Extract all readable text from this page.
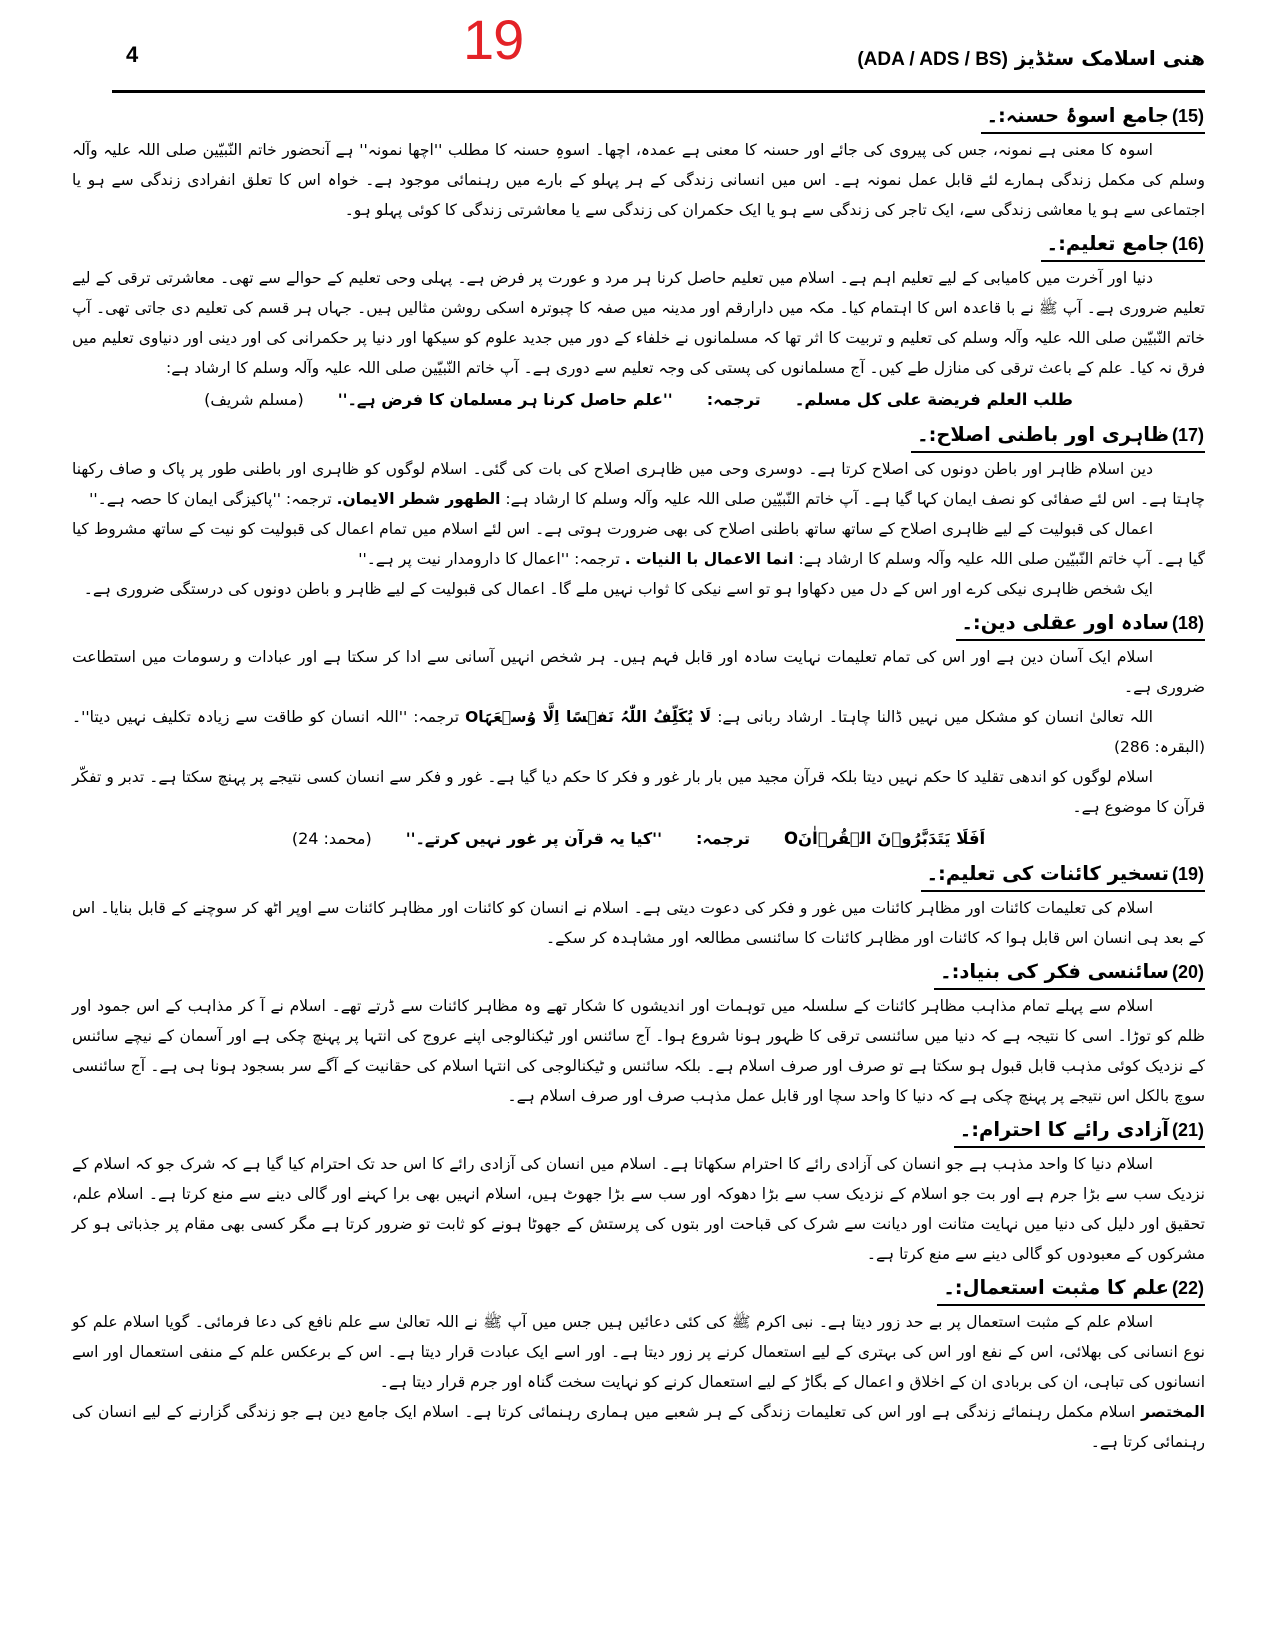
4	19	ھنی اسلامک سٹڈیز (ADA / ADS / BS)
(15)جامع اسوۂ حسنہ:۔

اسوہ کا معنی ہے نمونہ، جس کی پیروی کی جائے اور حسنہ کا معنی ہے عمدہ، اچھا۔ اسوہِ حسنہ کا مطلب ''اچھا نمونہ'' ہے آنحضور خاتم النّبیّین صلی اللہ علیہ وآلہ وسلم کی مکمل زندگی ہمارے لئے قابل عمل نمونہ ہے۔ اس میں انسانی زندگی کے ہر پہلو کے بارے میں رہنمائی موجود ہے۔ خواہ اس کا تعلق انفرادی زندگی سے ہو یا اجتماعی سے ہو یا معاشی زندگی سے، ایک تاجر کی زندگی سے ہو یا ایک حکمران کی زندگی سے یا معاشرتی زندگی کا کوئی پہلو ہو۔

(16)جامع تعلیم:۔

دنیا اور آخرت میں کامیابی کے لیے تعلیم اہم ہے۔ اسلام میں تعلیم حاصل کرنا ہر مرد و عورت پر فرض ہے۔ پہلی وحی تعلیم کے حوالے سے تھی۔ معاشرتی ترقی کے لیے تعلیم ضروری ہے۔ آپ ﷺ نے با قاعدہ اس کا اہتمام کیا۔ مکہ میں دارارقم اور مدینہ میں صفہ کا چبوترہ اسکی روشن مثالیں ہیں۔ جہاں ہر قسم کی تعلیم دی جاتی تھی۔ آپ خاتم النّبیّین صلی اللہ علیہ وآلہ وسلم کی تعلیم و تربیت کا اثر تھا کہ مسلمانوں نے خلفاء کے دور میں جدید علوم کو سیکھا اور دنیا پر حکمرانی کی اور دینی اور دنیاوی تعلیم میں فرق نہ کیا۔ علم کے باعث ترقی کی منازل طے کیں۔ آج مسلمانوں کی پستی کی وجہ تعلیم سے دوری ہے۔ آپ خاتم النّبیّین صلی اللہ علیہ وآلہ وسلم کا ارشاد ہے:

طلب العلم فریضة علی کل مسلم۔
ترجمہ:
''علم حاصل کرنا ہر مسلمان کا فرض ہے۔''
(مسلم شریف)
(17)ظاہری اور باطنی اصلاح:۔

دین اسلام ظاہر اور باطن دونوں کی اصلاح کرتا ہے۔ دوسری وحی میں ظاہری اصلاح کی بات کی گئی۔ اسلام لوگوں کو ظاہری اور باطنی طور پر پاک و صاف رکھنا چاہتا ہے۔ اس لئے صفائی کو نصف ایمان کہا گیا ہے۔ آپ خاتم النّبیّین صلی اللہ علیہ وآلہ وسلم کا ارشاد ہے: الطھور شطر الایمان. ترجمہ: ''پاکیزگی ایمان کا حصہ ہے۔''

اعمال کی قبولیت کے لیے ظاہری اصلاح کے ساتھ ساتھ باطنی اصلاح کی بھی ضرورت ہوتی ہے۔ اس لئے اسلام میں تمام اعمال کی قبولیت کو نیت کے ساتھ مشروط کیا گیا ہے۔ آپ خاتم النّبیّین صلی اللہ علیہ وآلہ وسلم کا ارشاد ہے: انما الاعمال با النیات . ترجمہ: ''اعمال کا دارومدار نیت پر ہے۔''

ایک شخص ظاہری نیکی کرے اور اس کے دل میں دکھاوا ہو تو اسے نیکی کا ثواب نہیں ملے گا۔ اعمال کی قبولیت کے لیے ظاہر و باطن دونوں کی درستگی ضروری ہے۔

(18)سادہ اور عقلی دین:۔

اسلام ایک آسان دین ہے اور اس کی تمام تعلیمات نہایت سادہ اور قابل فہم ہیں۔ ہر شخص انہیں آسانی سے ادا کر سکتا ہے اور عبادات و رسومات میں استطاعت ضروری ہے۔

اللہ تعالیٰ انسان کو مشکل میں نہیں ڈالنا چاہتا۔ ارشاد ربانی ہے: لَا یُکَلِّفُ اللّٰہُ نَفۡسًا اِلَّا وُسۡعَہَاO ترجمہ: ''اللہ انسان کو طاقت سے زیادہ تکلیف نہیں دیتا''۔ (البقرہ: 286)

اسلام لوگوں کو اندھی تقلید کا حکم نہیں دیتا بلکہ قرآن مجید میں بار بار غور و فکر کا حکم دیا گیا ہے۔ غور و فکر سے انسان کسی نتیجے پر پہنچ سکتا ہے۔ تدبر و تفکّر قرآن کا موضوع ہے۔

اَفَلَا یَتَدَبَّرُوۡنَ الۡقُرۡاٰنَO
ترجمہ:
''کیا یہ قرآن پر غور نہیں کرتے۔''
(محمد: 24)
(19)تسخیر کائنات کی تعلیم:۔

اسلام کی تعلیمات کائنات اور مظاہر کائنات میں غور و فکر کی دعوت دیتی ہے۔ اسلام نے انسان کو کائنات اور مظاہر کائنات سے اوپر اٹھ کر سوچنے کے قابل بنایا۔ اس کے بعد ہی انسان اس قابل ہوا کہ کائنات اور مظاہر کائنات کا سائنسی مطالعہ اور مشاہدہ کر سکے۔

(20)سائنسی فکر کی بنیاد:۔

اسلام سے پہلے تمام مذاہب مظاہر کائنات کے سلسلہ میں توہمات اور اندیشوں کا شکار تھے وہ مظاہر کائنات سے ڈرتے تھے۔ اسلام نے آ کر مذاہب کے اس جمود اور ظلم کو توڑا۔ اسی کا نتیجہ ہے کہ دنیا میں سائنسی ترقی کا ظہور ہونا شروع ہوا۔ آج سائنس اور ٹیکنالوجی اپنے عروج کی انتہا پر پہنچ چکی ہے اور آسمان کے نیچے سائنس کے نزدیک کوئی مذہب قابل قبول ہو سکتا ہے تو صرف اور صرف اسلام ہے۔ بلکہ سائنس و ٹیکنالوجی کی انتہا اسلام کی حقانیت کے آگے سر بسجود ہونا ہی ہے۔ آج سائنسی سوچ بالکل اس نتیجے پر پہنچ چکی ہے کہ دنیا کا واحد سچا اور قابل عمل مذہب صرف اور صرف اسلام ہے۔

(21)آزادی رائے کا احترام:۔

اسلام دنیا کا واحد مذہب ہے جو انسان کی آزادی رائے کا احترام سکھاتا ہے۔ اسلام میں انسان کی آزادی رائے کا اس حد تک احترام کیا گیا ہے کہ شرک جو کہ اسلام کے نزدیک سب سے بڑا جرم ہے اور بت جو اسلام کے نزدیک سب سے بڑا دھوکہ اور سب سے بڑا جھوٹ ہیں، اسلام انہیں بھی برا کہنے اور گالی دینے سے منع کرتا ہے۔ اسلام علم، تحقیق اور دلیل کی دنیا میں نہایت متانت اور دیانت سے شرک کی قباحت اور بتوں کی پرستش کے جھوٹا ہونے کو ثابت تو ضرور کرتا ہے مگر کسی بھی مقام پر جذباتی ہو کر مشرکوں کے معبودوں کو گالی دینے سے منع کرتا ہے۔

(22)علم کا مثبت استعمال:۔

اسلام علم کے مثبت استعمال پر بے حد زور دیتا ہے۔ نبی اکرم ﷺ کی کئی دعائیں ہیں جس میں آپ ﷺ نے اللہ تعالیٰ سے علم نافع کی دعا فرمائی۔ گویا اسلام علم کو نوع انسانی کی بھلائی، اس کے نفع اور اس کی بہتری کے لیے استعمال کرنے پر زور دیتا ہے۔ اور اسے ایک عبادت قرار دیتا ہے۔ اس کے برعکس علم کے منفی استعمال اور اسے انسانوں کی تباہی، ان کی بربادی ان کے اخلاق و اعمال کے بگاڑ کے لیے استعمال کرنے کو نہایت سخت گناہ اور جرم قرار دیتا ہے۔

المختصر اسلام مکمل رہنمائے زندگی ہے اور اس کی تعلیمات زندگی کے ہر شعبے میں ہماری رہنمائی کرتا ہے۔ اسلام ایک جامع دین ہے جو زندگی گزارنے کے لیے انسان کی رہنمائی کرتا ہے۔
